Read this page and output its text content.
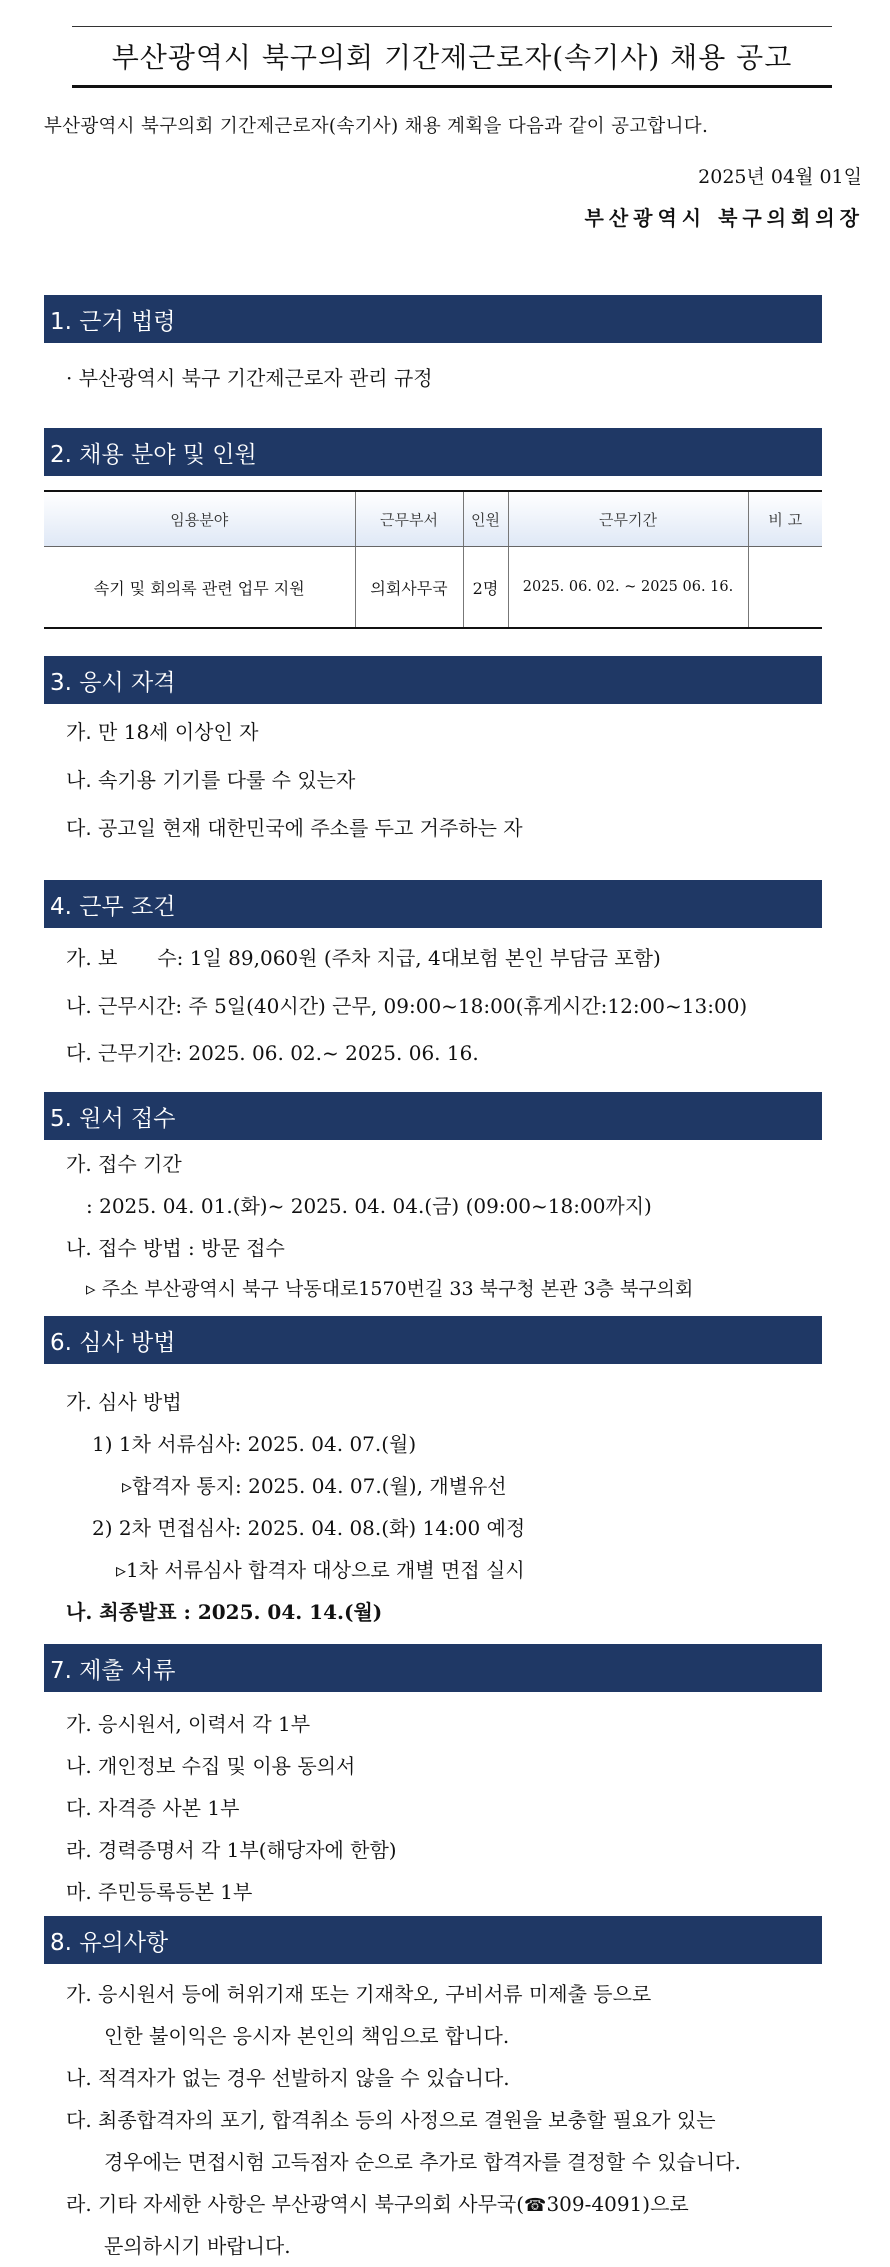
부산광역시 북구의회 기간제근로자(속기사) 채용 공고
부산광역시 북구의회 기간제근로자(속기사) 채용 계획을 다음과 같이 공고합니다.
2025년 04월 01일
부산광역시 북구의회의장
1. 근거 법령
· 부산광역시 북구 기간제근로자 관리 규정
2. 채용 분야 및 인원
임용분야	근무부서	인원	근무기간	비 고
속기 및 회의록 관련 업무 지원	의회사무국	2명	2025. 06. 02. ~ 2025 06. 16.	
3. 응시 자격
가. 만 18세 이상인 자
나. 속기용 기기를 다룰 수 있는자
다. 공고일 현재 대한민국에 주소를 두고 거주하는 자
4. 근무 조건
가. 보　　수: 1일 89,060원 (주차 지급, 4대보험 본인 부담금 포함)
나. 근무시간: 주 5일(40시간) 근무, 09:00~18:00(휴게시간:12:00~13:00)
다. 근무기간: 2025. 06. 02.~ 2025. 06. 16.
5. 원서 접수
가. 접수 기간
: 2025. 04. 01.(화)~ 2025. 04. 04.(금) (09:00~18:00까지)
나. 접수 방법 : 방문 접수
▹ 주소 부산광역시 북구 낙동대로1570번길 33 북구청 본관 3층 북구의회
6. 심사 방법
가. 심사 방법
1) 1차 서류심사: 2025. 04. 07.(월)
▹합격자 통지: 2025. 04. 07.(월), 개별유선
2) 2차 면접심사: 2025. 04. 08.(화) 14:00 예정
▹1차 서류심사 합격자 대상으로 개별 면접 실시
나. 최종발표 : 2025. 04. 14.(월)
7. 제출 서류
가. 응시원서, 이력서 각 1부
나. 개인정보 수집 및 이용 동의서
다. 자격증 사본 1부
라. 경력증명서 각 1부(해당자에 한함)
마. 주민등록등본 1부
8. 유의사항
가. 응시원서 등에 허위기재 또는 기재착오, 구비서류 미제출 등으로
인한 불이익은 응시자 본인의 책임으로 합니다.
나. 적격자가 없는 경우 선발하지 않을 수 있습니다.
다. 최종합격자의 포기, 합격취소 등의 사정으로 결원을 보충할 필요가 있는
경우에는 면접시험 고득점자 순으로 추가로 합격자를 결정할 수 있습니다.
라. 기타 자세한 사항은 부산광역시 북구의회 사무국(☎309-4091)으로
문의하시기 바랍니다.
